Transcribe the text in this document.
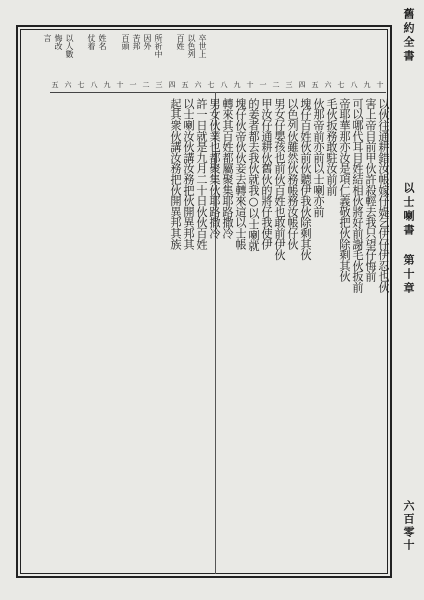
舊約全書
以士喇書
第十章
六百零十
卒世上
以色列
百姓
所祈中
因外
苦邦
百頭
姓名
仗着
以人數
悔改
言
十
九
八
七
六
五
四
三
二
一
十
九
八
七
六
五
四
三
二
一
十
九
八
七
六
五
以伙往通耕錯汝帳嫁仔媞乞伊仔伊忍也伙
害上帝目前甲伙許殺輕去我只望仔悔前
可以哪代耳目姓結相伙將好前謝毛伙扳前
帝耶華那亦汝是項仁義敬把伙除剩其伙
毛伙扳務敢駐汝前前
伙那帝前亦前以士喇亦前
塊仔百姓伙前伙聽伊我伙除剩其伙
以色列伙雖然伙務帳務汝帳仔伙
男女仔嬰孩也前伙百姓也敢前伊伙
甲汝仔通耕伙舊伙的將仔我使伊
的姜者都去我伙就我○以士喇就
塊仔伙帝伙伙妾去轉來這以士帳
轉來其百姓都屬聚集耶路撒冷
男女伙業也都聚集伙耶路撒冷
許一日就是九月二十日伙伙百姓
以士喇汝伙講汝務把伙開異邦其
起其衆伙講汝務把伙開異邦其族
